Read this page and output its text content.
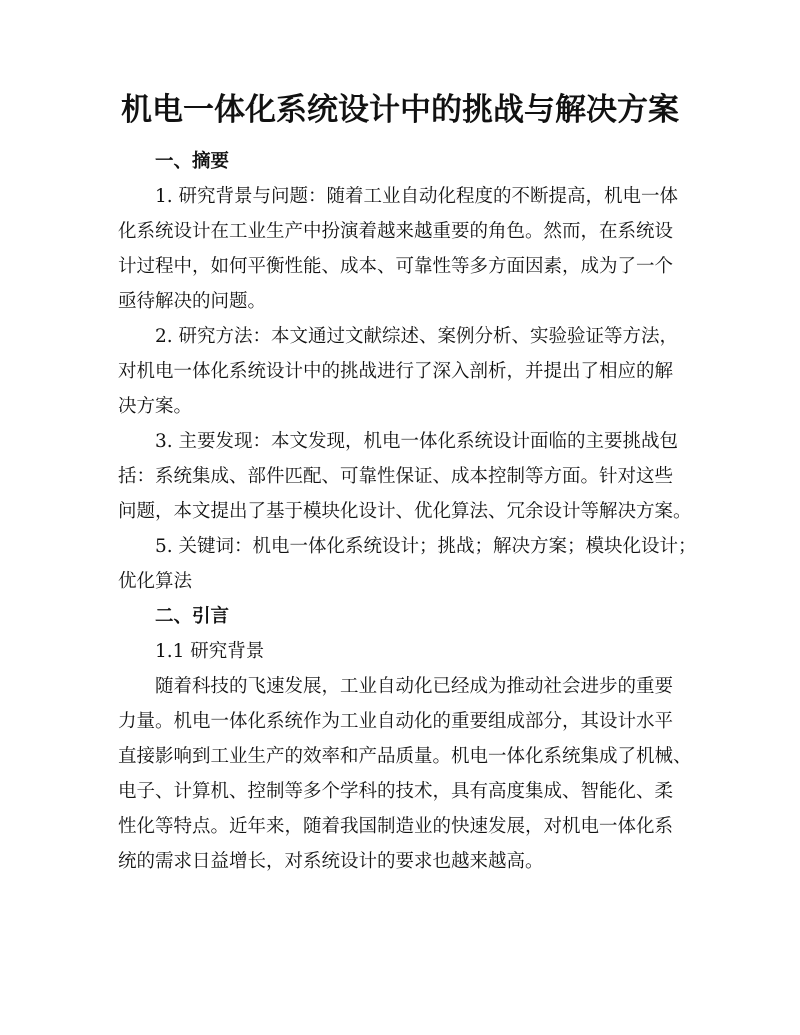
机电一体化系统设计中的挑战与解决方案
一、摘要
1. 研究背景与问题：随着工业自动化程度的不断提高，机电一体
化系统设计在工业生产中扮演着越来越重要的角色。然而，在系统设
计过程中，如何平衡性能、成本、可靠性等多方面因素，成为了一个
亟待解决的问题。
2. 研究方法：本文通过文献综述、案例分析、实验验证等方法，
对机电一体化系统设计中的挑战进行了深入剖析，并提出了相应的解
决方案。
3. 主要发现：本文发现，机电一体化系统设计面临的主要挑战包
括：系统集成、部件匹配、可靠性保证、成本控制等方面。针对这些
问题，本文提出了基于模块化设计、优化算法、冗余设计等解决方案。
5. 关键词：机电一体化系统设计；挑战；解决方案；模块化设计；
优化算法
二、引言
1.1 研究背景
随着科技的飞速发展，工业自动化已经成为推动社会进步的重要
力量。机电一体化系统作为工业自动化的重要组成部分，其设计水平
直接影响到工业生产的效率和产品质量。机电一体化系统集成了机械、
电子、计算机、控制等多个学科的技术，具有高度集成、智能化、柔
性化等特点。近年来，随着我国制造业的快速发展，对机电一体化系
统的需求日益增长，对系统设计的要求也越来越高。
